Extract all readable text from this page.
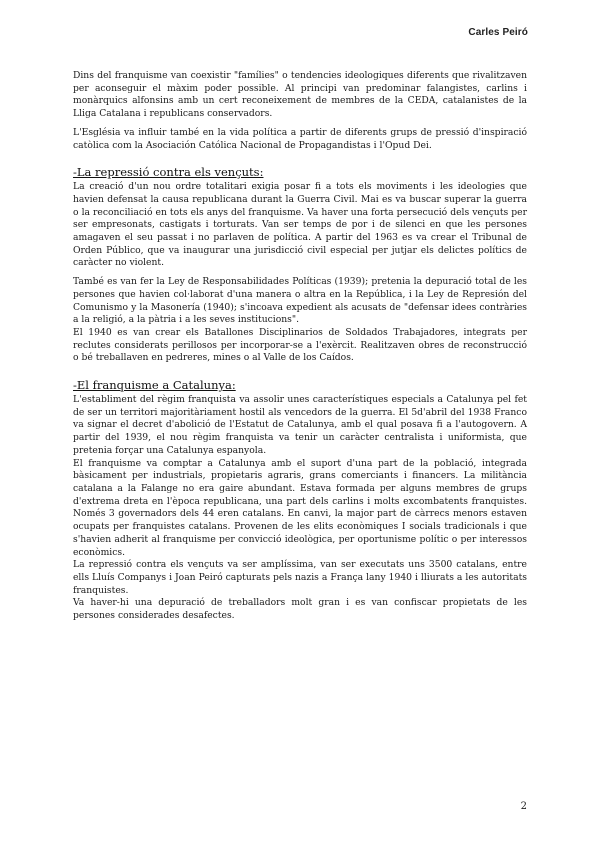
Carles Peiró

Dins del franquisme van coexistir "famílies" o tendencies ideologiques diferents que rivalitzaven per aconseguir el màxim poder possible. Al principi van predominar falangistes, carlins i monàrquics alfonsins amb un cert reconeixement de membres de la CEDA, catalanistes de la Lliga Catalana i republicans conservadors.

L'Església va influir també en la vida política a partir de diferents grups de pressió d'inspiració catòlica com la Asociación Católica Nacional de Propagandistas i l'Opud Dei.

-La repressió contra els vençuts:

La creació d'un nou ordre totalitari exigia posar fi a tots els moviments i les ideologies que havien defensat la causa republicana durant la Guerra Civil. Mai es va buscar superar la guerra o la reconciliació en tots els anys del franquisme. Va haver una forta persecució dels vençuts per ser empresonats, castigats i torturats. Van ser temps de por i de silenci en que les persones amagaven el seu passat i no parlaven de política. A partir del 1963 es va crear el Tribunal de Orden Público, que va inaugurar una jurisdicció civil especial per jutjar els delictes polítics de caràcter no violent.

També es van fer la Ley de Responsabilidades Políticas (1939); pretenia la depuració total de les persones que havien col·laborat d'una manera o altra en la República, i la Ley de Represión del Comunismo y la Masonería (1940); s'incoava expedient als acusats de "defensar idees contràries a la religió, a la pàtria i a les seves institucions".

El 1940 es van crear els Batallones Disciplinarios de Soldados Trabajadores, integrats per reclutes considerats perillosos per incorporar-se a l'exèrcit. Realitzaven obres de reconstrucció o bé treballaven en pedreres, mines o al Valle de los Caídos.

-El franquisme a Catalunya:

L'establiment del règim franquista va assolir unes característiques especials a Catalunya pel fet de ser un territori majoritàriament hostil als vencedors de la guerra. El 5d'abril del 1938 Franco va signar el decret d'abolició de l'Estatut de Catalunya, amb el qual posava fi a l'autogovern. A partir del 1939, el nou règim franquista va tenir un caràcter centralista i uniformista, que pretenia forçar una Catalunya espanyola.

El franquisme va comptar a Catalunya amb el suport d'una part de la població, integrada bàsicament per industrials, propietaris agraris, grans comerciants i financers. La militància catalana a la Falange no era gaire abundant. Estava formada per alguns membres de grups d'extrema dreta en l'època republicana, una part dels carlins i molts excombatents franquistes. Només 3 governadors dels 44 eren catalans. En canvi, la major part de càrrecs menors estaven ocupats per franquistes catalans. Provenen de les elits econòmiques I socials tradicionals i que s'havien adherit al franquisme per convicció ideològica, per oportunisme polític o per interessos econòmics.

La repressió contra els vençuts va ser amplíssima, van ser executats uns 3500 catalans, entre ells Lluís Companys i Joan Peiró capturats pels nazis a França lany 1940 i lliurats a les autoritats franquistes.

Va haver-hi una depuració de treballadors molt gran i es van confiscar propietats de les persones considerades desafectes.

2
